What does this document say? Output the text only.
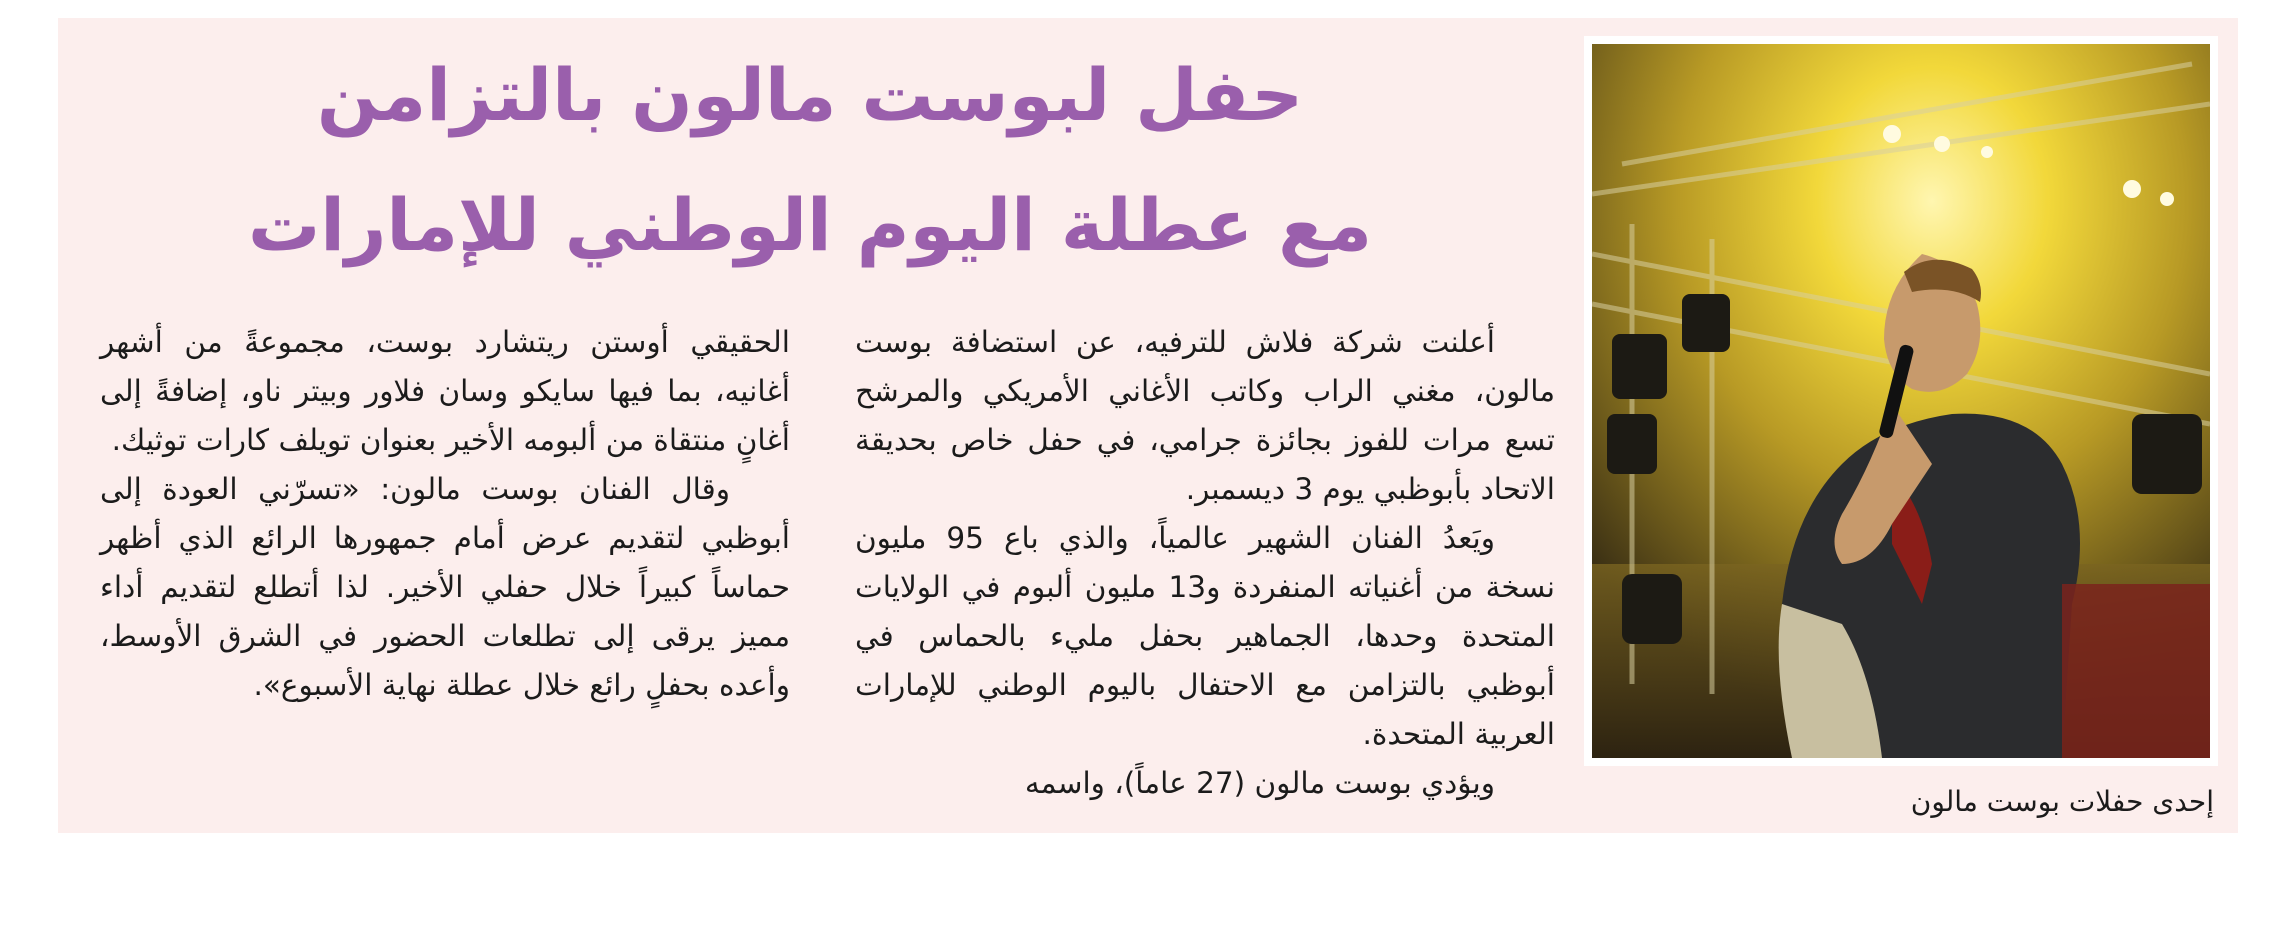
حفل لبوست مالون بالتزامن
مع عطلة اليوم الوطني للإمارات

أعلنت شركة فلاش للترفيه، عن استضافة بوست مالون، مغني الراب وكاتب الأغاني الأمريكي والمرشح تسع مرات للفوز بجائزة جرامي، في حفل خاص بحديقة الاتحاد بأبوظبي يوم 3 ديسمبر.

ويَعدُ الفنان الشهير عالمياً، والذي باع 95 مليون نسخة من أغنياته المنفردة و13 مليون ألبوم في الولايات المتحدة وحدها، الجماهير بحفل مليء بالحماس في أبوظبي بالتزامن مع الاحتفال باليوم الوطني للإمارات العربية المتحدة.

ويؤدي بوست مالون (27 عاماً)، واسمه

الحقيقي أوستن ريتشارد بوست، مجموعةً من أشهر أغانيه، بما فيها سايكو وسان فلاور وبيتر ناو، إضافةً إلى أغانٍ منتقاة من ألبومه الأخير بعنوان تويلف كارات توثيك.

وقال الفنان بوست مالون: «تسرّني العودة إلى أبوظبي لتقديم عرض أمام جمهورها الرائع الذي أظهر حماساً كبيراً خلال حفلي الأخير. لذا أتطلع لتقديم أداء مميز يرقى إلى تطلعات الحضور في الشرق الأوسط، وأعده بحفلٍ رائع خلال عطلة نهاية الأسبوع».

إحدى حفلات بوست مالون
